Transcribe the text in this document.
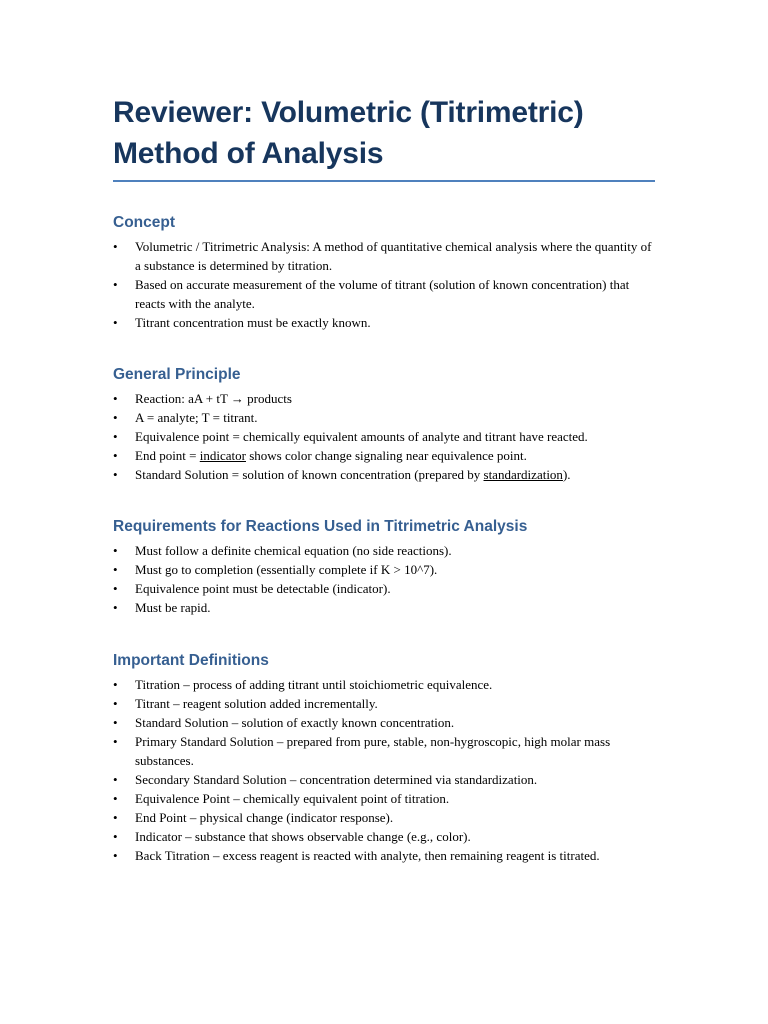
Reviewer: Volumetric (Titrimetric) Method of Analysis
Concept
• Volumetric / Titrimetric Analysis: A method of quantitative chemical analysis where the quantity of a substance is determined by titration.
• Based on accurate measurement of the volume of titrant (solution of known concentration) that reacts with the analyte.
• Titrant concentration must be exactly known.
General Principle
• Reaction: aA + tT → products
• A = analyte; T = titrant.
• Equivalence point = chemically equivalent amounts of analyte and titrant have reacted.
• End point = indicator shows color change signaling near equivalence point.
• Standard Solution = solution of known concentration (prepared by standardization).
Requirements for Reactions Used in Titrimetric Analysis
• Must follow a definite chemical equation (no side reactions).
• Must go to completion (essentially complete if K > 10^7).
• Equivalence point must be detectable (indicator).
• Must be rapid.
Important Definitions
• Titration – process of adding titrant until stoichiometric equivalence.
• Titrant – reagent solution added incrementally.
• Standard Solution – solution of exactly known concentration.
• Primary Standard Solution – prepared from pure, stable, non-hygroscopic, high molar mass substances.
• Secondary Standard Solution – concentration determined via standardization.
• Equivalence Point – chemically equivalent point of titration.
• End Point – physical change (indicator response).
• Indicator – substance that shows observable change (e.g., color).
• Back Titration – excess reagent is reacted with analyte, then remaining reagent is titrated.
